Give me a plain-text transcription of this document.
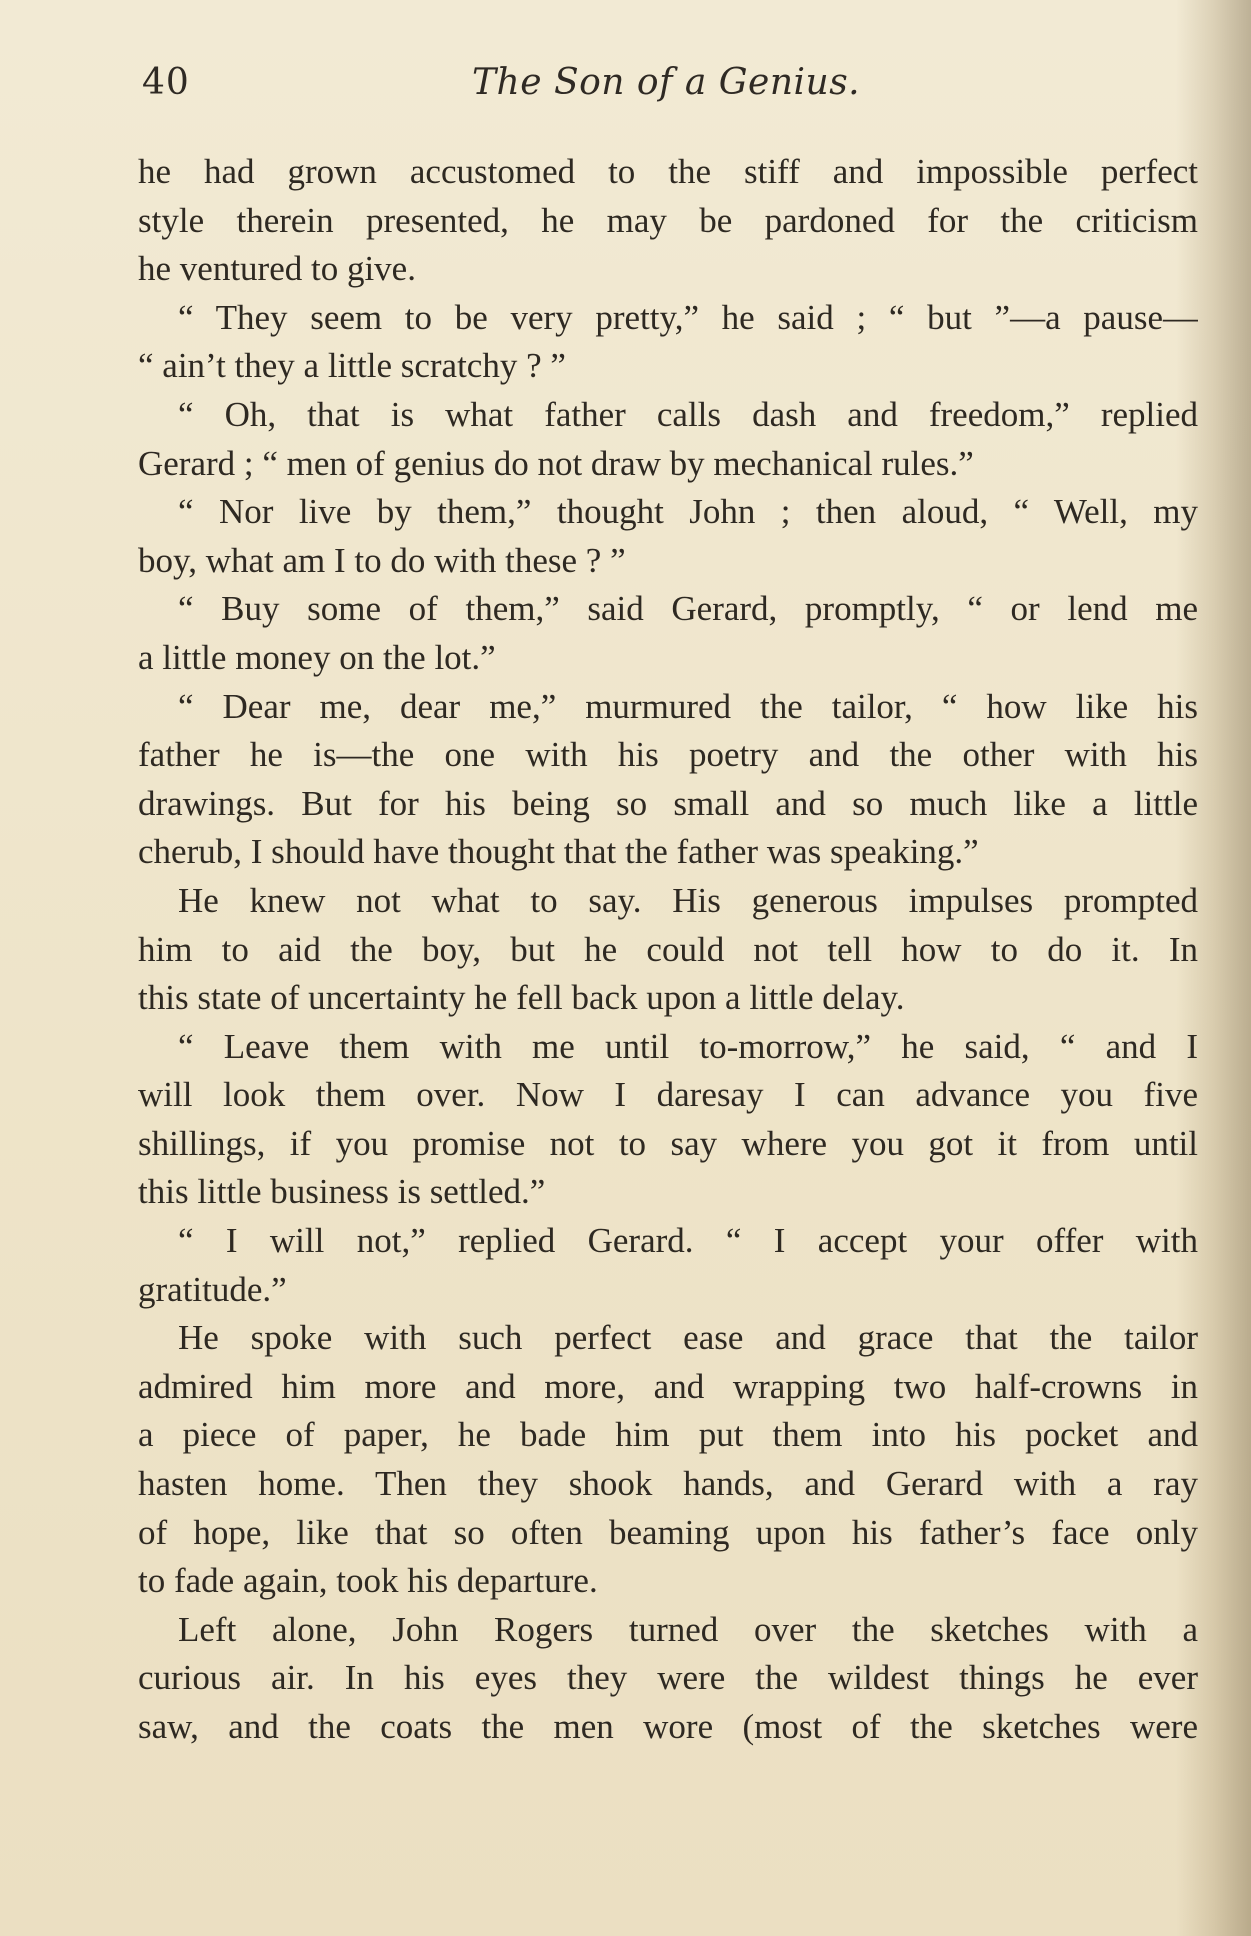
40	The Son of a Genius.
he had grown accustomed to the stiff and impossible perfect
style therein presented, he may be pardoned for the criticism
he ventured to give.
“ They seem to be very pretty,” he said ; “ but ”—a pause—
“ ain’t they a little scratchy ? ”
“ Oh, that is what father calls dash and freedom,” replied
Gerard ; “ men of genius do not draw by mechanical rules.”
“ Nor live by them,” thought John ; then aloud, “ Well, my
boy, what am I to do with these ? ”
“ Buy some of them,” said Gerard, promptly, “ or lend me
a little money on the lot.”
“ Dear me, dear me,” murmured the tailor, “ how like his
father he is—the one with his poetry and the other with his
drawings. But for his being so small and so much like a little
cherub, I should have thought that the father was speaking.”
He knew not what to say. His generous impulses prompted
him to aid the boy, but he could not tell how to do it. In
this state of uncertainty he fell back upon a little delay.
“ Leave them with me until to-morrow,” he said, “ and I
will look them over. Now I daresay I can advance you five
shillings, if you promise not to say where you got it from until
this little business is settled.”
“ I will not,” replied Gerard. “ I accept your offer with
gratitude.”
He spoke with such perfect ease and grace that the tailor
admired him more and more, and wrapping two half-crowns in
a piece of paper, he bade him put them into his pocket and
hasten home. Then they shook hands, and Gerard with a ray
of hope, like that so often beaming upon his father’s face only
to fade again, took his departure.
Left alone, John Rogers turned over the sketches with a
curious air. In his eyes they were the wildest things he ever
saw, and the coats the men wore (most of the sketches were
